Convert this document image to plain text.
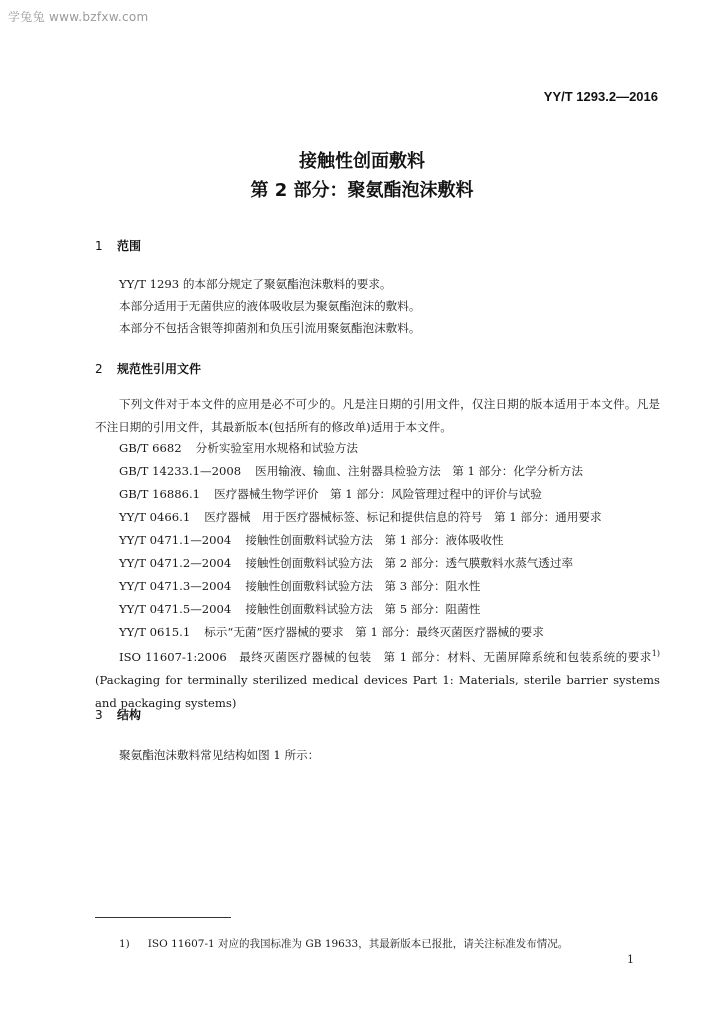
学兔兔 www.bzfxw.com
YY/T 1293.2—2016
接触性创面敷料
第 2 部分：聚氨酯泡沫敷料
1 范围
YY/T 1293 的本部分规定了聚氨酯泡沫敷料的要求。
本部分适用于无菌供应的液体吸收层为聚氨酯泡沫的敷料。
本部分不包括含银等抑菌剂和负压引流用聚氨酯泡沫敷料。
2 规范性引用文件
下列文件对于本文件的应用是必不可少的。凡是注日期的引用文件，仅注日期的版本适用于本文件。凡是不注日期的引用文件，其最新版本(包括所有的修改单)适用于本文件。
GB/T 6682 分析实验室用水规格和试验方法
GB/T 14233.1—2008 医用输液、输血、注射器具检验方法　第 1 部分：化学分析方法
GB/T 16886.1 医疗器械生物学评价　第 1 部分：风险管理过程中的评价与试验
YY/T 0466.1 医疗器械　用于医疗器械标签、标记和提供信息的符号　第 1 部分：通用要求
YY/T 0471.1—2004 接触性创面敷料试验方法　第 1 部分：液体吸收性
YY/T 0471.2—2004 接触性创面敷料试验方法　第 2 部分：透气膜敷料水蒸气透过率
YY/T 0471.3—2004 接触性创面敷料试验方法　第 3 部分：阻水性
YY/T 0471.5—2004 接触性创面敷料试验方法　第 5 部分：阻菌性
YY/T 0615.1 标示“无菌”医疗器械的要求　第 1 部分：最终灭菌医疗器械的要求
ISO 11607-1:2006　 最终灭菌医疗器械的包装　第 1 部分：材料、无菌屏障系统和包装系统的要求$^{1)}$(Packaging for terminally sterilized medical devices Part 1: Materials, sterile barrier systems and packaging systems)
3 结构
聚氨酯泡沫敷料常见结构如图 1 所示：
1) ISO 11607-1 对应的我国标准为 GB 19633，其最新版本已报批，请关注标准发布情况。
1
